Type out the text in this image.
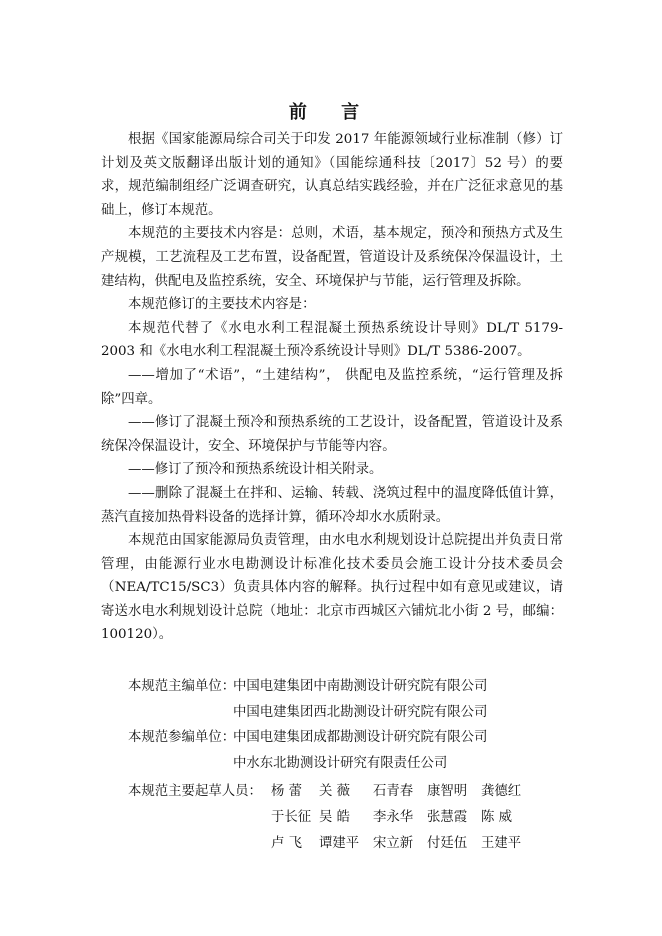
前 言

根据《国家能源局综合司关于印发 2017 年能源领域行业标准制（修）订计划及英文版翻译出版计划的通知》（国能综通科技〔2017〕52 号）的要求，规范编制组经广泛调查研究，认真总结实践经验，并在广泛征求意见的基础上，修订本规范。

本规范的主要技术内容是：总则，术语，基本规定，预冷和预热方式及生产规模，工艺流程及工艺布置，设备配置，管道设计及系统保冷保温设计，土建结构，供配电及监控系统，安全、环境保护与节能，运行管理及拆除。

本规范修订的主要技术内容是：

本规范代替了《水电水利工程混凝土预热系统设计导则》DL/T 5179-2003 和《水电水利工程混凝土预冷系统设计导则》DL/T 5386-2007。

——增加了“术语”，“土建结构”， 供配电及监控系统，“运行管理及拆除”四章。

——修订了混凝土预冷和预热系统的工艺设计，设备配置，管道设计及系统保冷保温设计，安全、环境保护与节能等内容。

——修订了预冷和预热系统设计相关附录。

——删除了混凝土在拌和、运输、转载、浇筑过程中的温度降低值计算，蒸汽直接加热骨料设备的选择计算，循环冷却水水质附录。

本规范由国家能源局负责管理，由水电水利规划设计总院提出并负责日常管理，由能源行业水电勘测设计标准化技术委员会施工设计分技术委员会（NEA/TC15/SC3）负责具体内容的解释。执行过程中如有意见或建议，请寄送水电水利规划设计总院（地址：北京市西城区六铺炕北小街 2 号，邮编：100120）。

本规范主编单位：
中国电建集团中南勘测设计研究院有限公司
中国电建集团西北勘测设计研究院有限公司
本规范参编单位：
中国电建集团成都勘测设计研究院有限公司
中水东北勘测设计研究有限责任公司
本规范主要起草人员： 杨 蕾	关 薇	石青春	康智明	龚德红
于长征 吴 皓	李永华	张慧霞	陈 威
卢 飞	谭建平	宋立新	付廷伍	王建平
